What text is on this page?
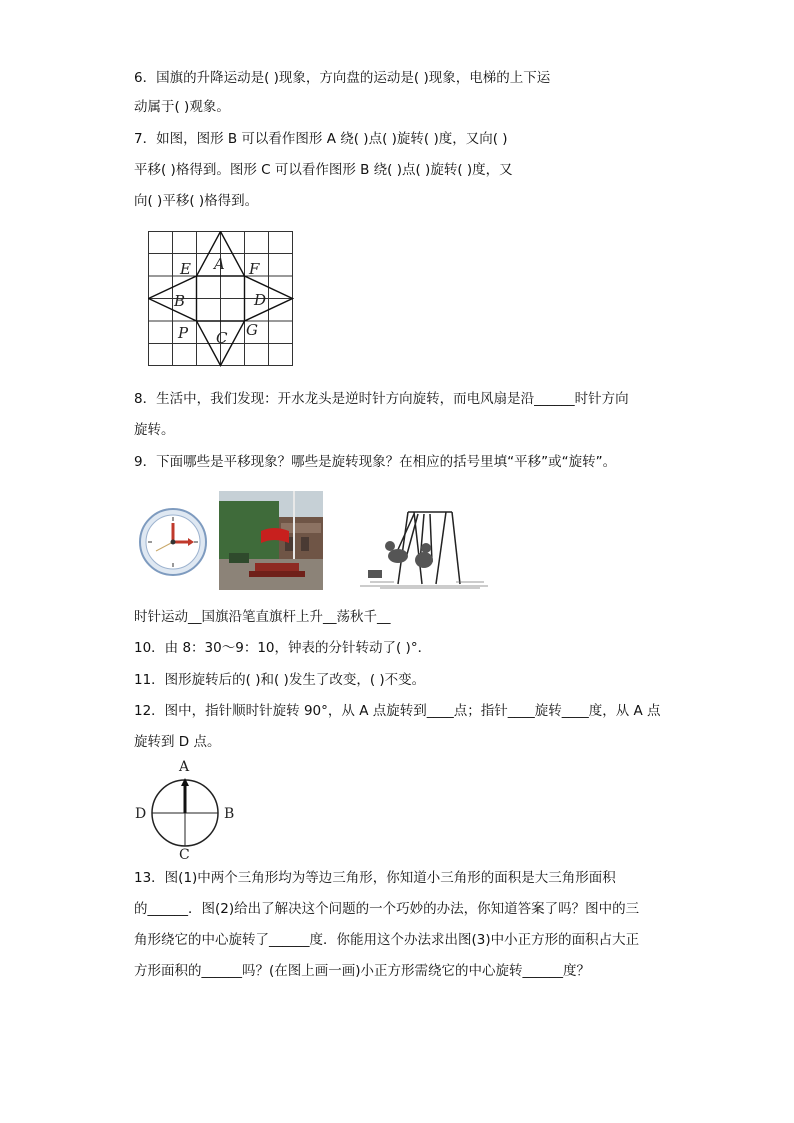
6．国旗的升降运动是( )现象，方向盘的运动是( )现象，电梯的上下运
动属于( )观象。
7．如图，图形 B 可以看作图形 A 绕( )点( )旋转( )度，又向( )
平移( )格得到。图形 C 可以看作图形 B 绕( )点( )旋转( )度，又
向( )平移( )格得到。
A
E	F
B	D
P C G
8．生活中，我们发现：开水龙头是逆时针方向旋转，而电风扇是沿______时针方向
旋转。
9．下面哪些是平移现象？哪些是旋转现象？在相应的括号里填“平移”或“旋转”。
时针运动__国旗沿笔直旗杆上升__荡秋千__
10．由 8：30～9：10，钟表的分针转动了( )°．
11．图形旋转后的( )和( )发生了改变，( )不变。
12．图中，指针顺时针旋转 90°，从 A 点旋转到____点；指针____旋转____度，从 A 点
旋转到 D 点。
A
B
C
D
13．图(1)中两个三角形均为等边三角形，你知道小三角形的面积是大三角形面积
的______．图(2)给出了解决这个问题的一个巧妙的办法，你知道答案了吗？图中的三
角形绕它的中心旋转了______度．你能用这个办法求出图(3)中小正方形的面积占大正
方形面积的______吗？(在图上画一画)小正方形需绕它的中心旋转______度？
